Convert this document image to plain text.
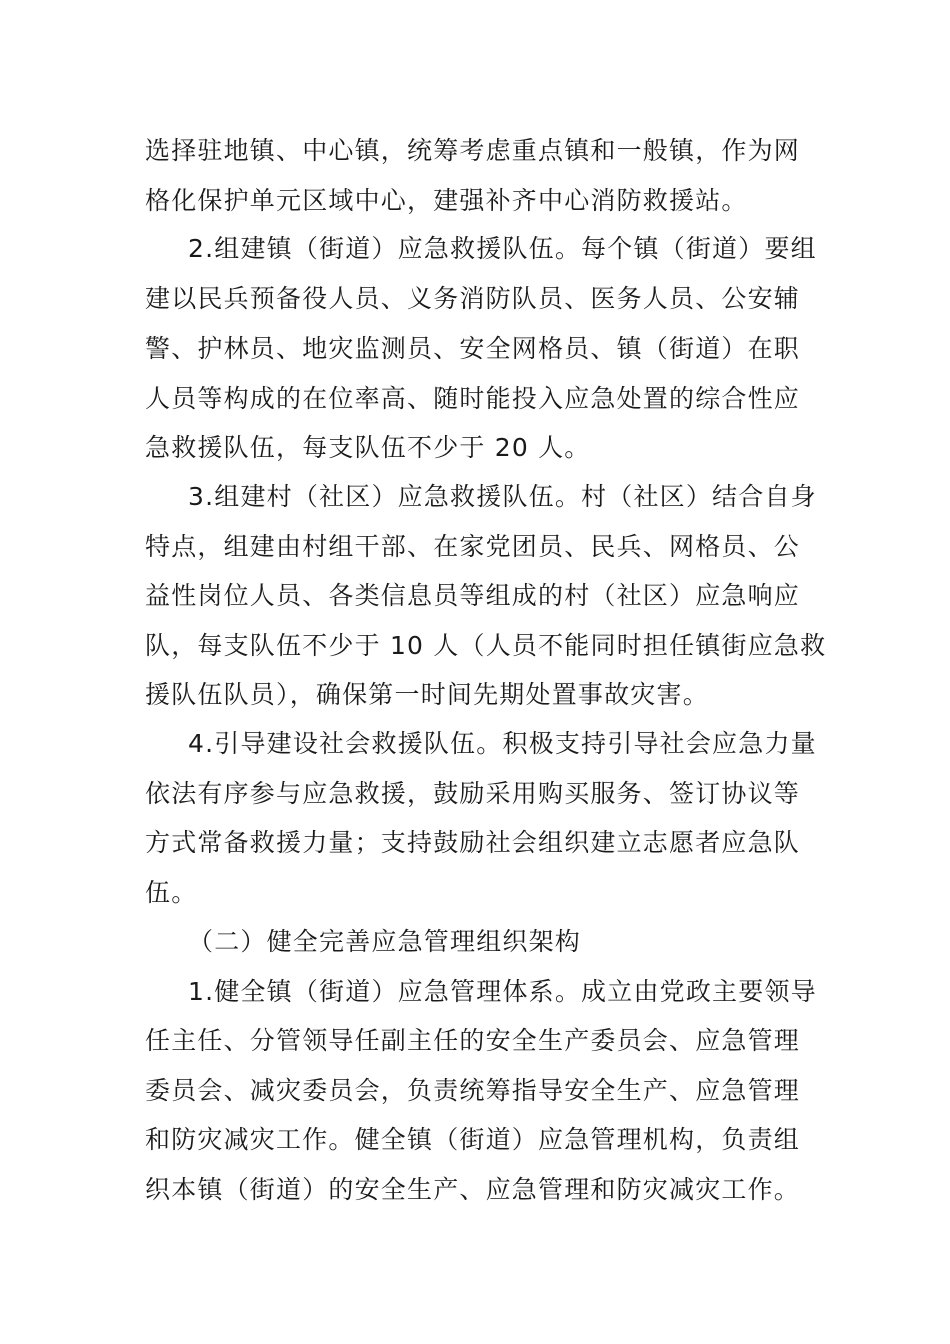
选择驻地镇、中心镇，统筹考虑重点镇和一般镇，作为网
格化保护单元区域中心，建强补齐中心消防救援站。
2.组建镇（街道）应急救援队伍。每个镇（街道）要组
建以民兵预备役人员、义务消防队员、医务人员、公安辅
警、护林员、地灾监测员、安全网格员、镇（街道）在职
人员等构成的在位率高、随时能投入应急处置的综合性应
急救援队伍，每支队伍不少于 20 人。
3.组建村（社区）应急救援队伍。村（社区）结合自身
特点，组建由村组干部、在家党团员、民兵、网格员、公
益性岗位人员、各类信息员等组成的村（社区）应急响应
队，每支队伍不少于 10 人（人员不能同时担任镇街应急救
援队伍队员），确保第一时间先期处置事故灾害。
4.引导建设社会救援队伍。积极支持引导社会应急力量
依法有序参与应急救援，鼓励采用购买服务、签订协议等
方式常备救援力量；支持鼓励社会组织建立志愿者应急队
伍。
（二）健全完善应急管理组织架构
1.健全镇（街道）应急管理体系。成立由党政主要领导
任主任、分管领导任副主任的安全生产委员会、应急管理
委员会、减灾委员会，负责统筹指导安全生产、应急管理
和防灾减灾工作。健全镇（街道）应急管理机构，负责组
织本镇（街道）的安全生产、应急管理和防灾减灾工作。
